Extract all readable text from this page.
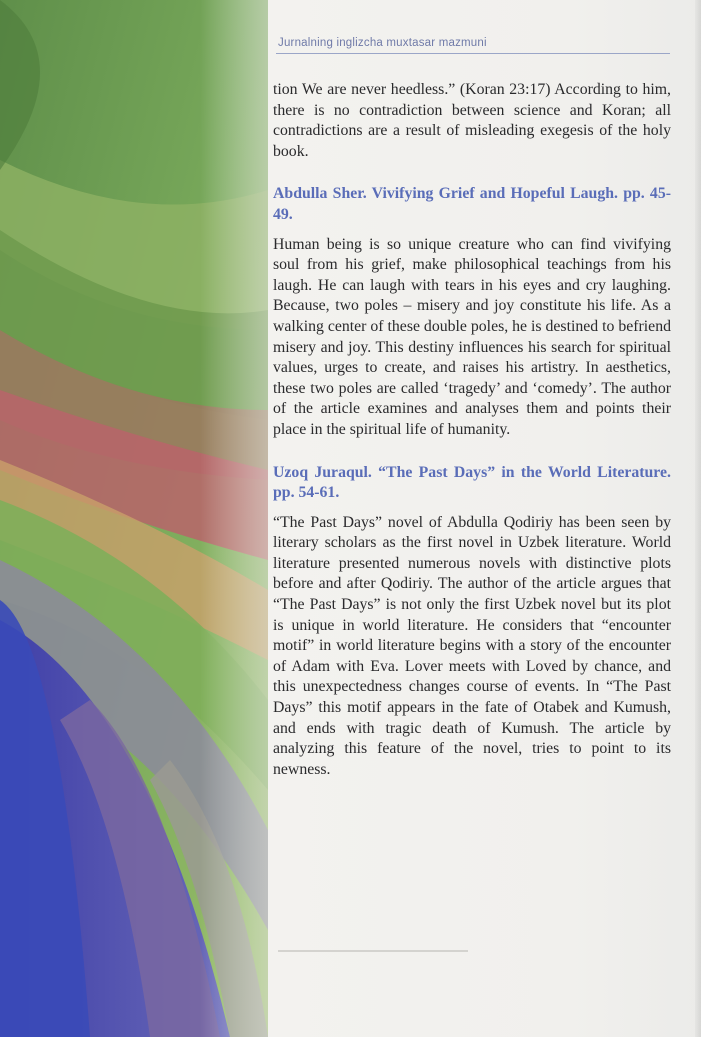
Jurnalning inglizcha muxtasar mazmuni

tion We are never heedless.” (Koran 23:17) According to him, there is no contradiction between science and Koran; all contradictions are a result of misleading exegesis of the holy book.

Abdulla Sher. Vivifying Grief and Hopeful Laugh. pp. 45-49.

Human being is so unique creature who can find vivifying soul from his grief, make philosophical teachings from his laugh. He can laugh with tears in his eyes and cry laughing. Because, two poles – misery and joy constitute his life. As a walking center of these double poles, he is destined to befriend misery and joy. This destiny influences his search for spiritual values, urges to create, and raises his artistry. In aesthetics, these two poles are called ‘tragedy’ and ‘comedy’. The author of the article examines and analyses them and points their place in the spiritual life of humanity.

Uzoq Juraqul. “The Past Days” in the World Literature. pp. 54-61.

“The Past Days” novel of Abdulla Qodiriy has been seen by literary scholars as the first novel in Uzbek literature. World literature presented numerous novels with distinctive plots before and after Qodiriy. The author of the article argues that “The Past Days” is not only the first Uzbek novel but its plot is unique in world literature. He considers that “encounter motif” in world literature begins with a story of the encounter of Adam with Eva. Lover meets with Loved by chance, and this unexpectedness changes course of events. In “The Past Days” this motif appears in the fate of Otabek and Kumush, and ends with tragic death of Kumush. The article by analyzing this feature of the novel, tries to point to its newness.
